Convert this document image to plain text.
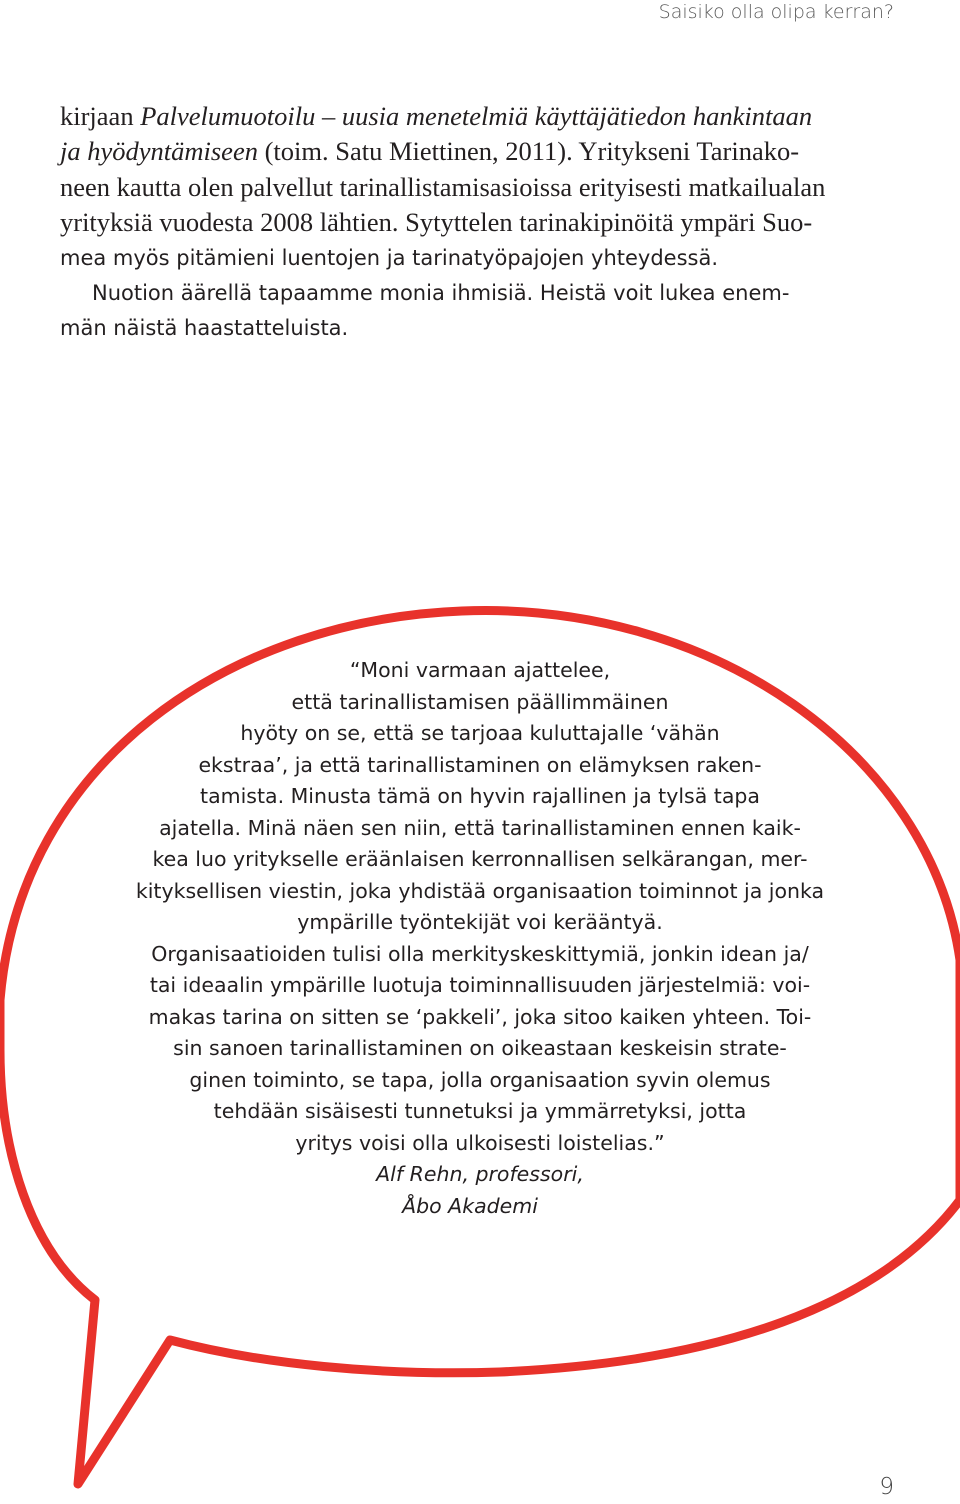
Saisiko olla olipa kerran?
kirjaan Palvelumuotoilu – uusia menetelmiä käyttäjätiedon hankintaan
ja hyödyntämiseen (toim. Satu Miettinen, 2011). Yritykseni Tarinako-
neen kautta olen palvellut tarinallistamisasioissa erityisesti matkailualan
yrityksiä vuodesta 2008 lähtien. Sytyttelen tarinakipinöitä ympäri Suo-
mea myös pitämieni luentojen ja tarinatyöpajojen yhteydessä.
Nuotion äärellä tapaamme monia ihmisiä. Heistä voit lukea enem-
män näistä haastatteluista.
“Moni varmaan ajattelee,
että tarinallistamisen päällimmäinen
hyöty on se, että se tarjoaa kuluttajalle ‘vähän
ekstraa’, ja että tarinallistaminen on elämyksen raken-
tamista. Minusta tämä on hyvin rajallinen ja tylsä tapa
ajatella. Minä näen sen niin, että tarinallistaminen ennen kaik-
kea luo yritykselle eräänlaisen kerronnallisen selkärangan, mer-
kityksellisen viestin, joka yhdistää organisaation toiminnot ja jonka
ympärille työntekijät voi kerääntyä.
Organisaatioiden tulisi olla merkityskeskittymiä, jonkin idean ja/
tai ideaalin ympärille luotuja toiminnallisuuden järjestelmiä: voi-
makas tarina on sitten se ‘pakkeli’, joka sitoo kaiken yhteen. Toi-
sin sanoen tarinallistaminen on oikeastaan keskeisin strate-
ginen toiminto, se tapa, jolla organisaation syvin olemus
tehdään sisäisesti tunnetuksi ja ymmärretyksi, jotta
yritys voisi olla ulkoisesti loistelias.”
Alf Rehn, professori,
Åbo Akademi
9
